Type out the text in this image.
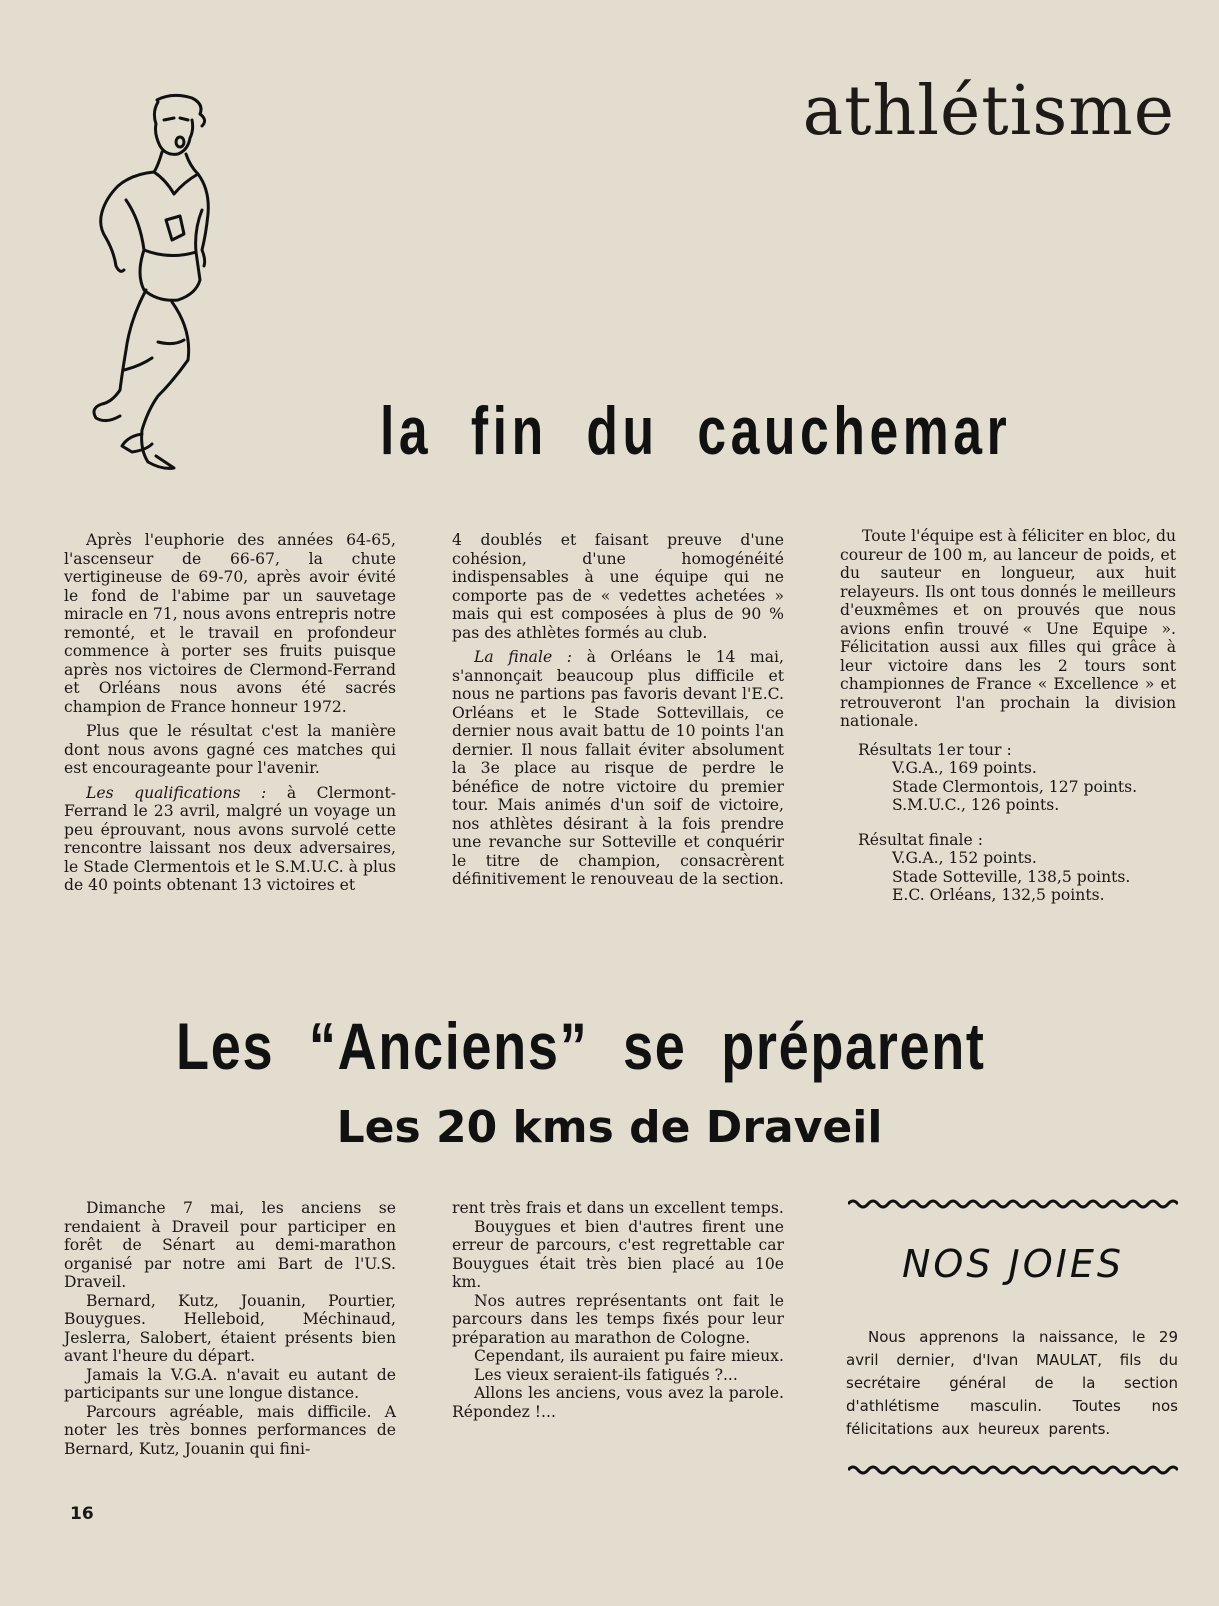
athlétisme
la fin du cauchemar

Après l'euphorie des années 64-65, l'ascenseur de 66-67, la chute vertigineuse de 69-70, après avoir évité le fond de l'abime par un sauvetage miracle en 71, nous avons entrepris notre remonté, et le travail en profondeur commence à porter ses fruits puisque après nos victoires de Clermond-Ferrand et Orléans nous avons été sacrés champion de France honneur 1972.

Plus que le résultat c'est la manière dont nous avons gagné ces matches qui est encourageante pour l'avenir.

Les qualifications : à Clermont-Ferrand le 23 avril, malgré un voyage un peu éprouvant, nous avons survolé cette rencontre laissant nos deux adversaires, le Stade Clermentois et le S.M.U.C. à plus de 40 points obtenant 13 victoires et

4 doublés et faisant preuve d'une cohésion, d'une homogénéité indispensables à une équipe qui ne comporte pas de « vedettes achetées » mais qui est composées à plus de 90 % pas des athlètes formés au club.

La finale : à Orléans le 14 mai, s'annonçait beaucoup plus difficile et nous ne partions pas favoris devant l'E.C. Orléans et le Stade Sottevillais, ce dernier nous avait battu de 10 points l'an dernier. Il nous fallait éviter absolument la 3e place au risque de perdre le bénéfice de notre victoire du premier tour. Mais animés d'un soif de victoire, nos athlètes désirant à la fois prendre une revanche sur Sotteville et conquérir le titre de champion, consacrèrent définitivement le renouveau de la section.

Toute l'équipe est à féliciter en bloc, du coureur de 100 m, au lanceur de poids, et du sauteur en longueur, aux huit relayeurs. Ils ont tous donnés le meilleurs d'euxmêmes et on prouvés que nous avions enfin trouvé « Une Equipe ». Félicitation aussi aux filles qui grâce à leur victoire dans les 2 tours sont championnes de France « Excellence » et retrouveront l'an prochain la division nationale.

Résultats 1er tour :
V.G.A., 169 points.
Stade Clermontois, 127 points.
S.M.U.C., 126 points.
Résultat finale :
V.G.A., 152 points.
Stade Sotteville, 138,5 points.
E.C. Orléans, 132,5 points.
Les “Anciens” se préparent
Les 20 kms de Draveil

Dimanche 7 mai, les anciens se rendaient à Draveil pour participer en forêt de Sénart au demi-marathon organisé par notre ami Bart de l'U.S. Draveil.

Bernard, Kutz, Jouanin, Pourtier, Bouygues. Helleboid, Méchinaud, Jeslerra, Salobert, étaient présents bien avant l'heure du départ.

Jamais la V.G.A. n'avait eu autant de participants sur une longue distance.

Parcours agréable, mais difficile. A noter les très bonnes performances de Bernard, Kutz, Jouanin qui fini-

rent très frais et dans un excellent temps.

Bouygues et bien d'autres firent une erreur de parcours, c'est regrettable car Bouygues était très bien placé au 10e km.

Nos autres représentants ont fait le parcours dans les temps fixés pour leur préparation au marathon de Cologne.

Cependant, ils auraient pu faire mieux.

Les vieux seraient-ils fatigués ?...

Allons les anciens, vous avez la parole. Répondez !...

NOS JOIES

Nous apprenons la naissance, le 29 avril dernier, d'Ivan MAULAT, fils du secrétaire général de la section d'athlétisme masculin. Toutes nos félicitations aux heureux parents.

16
